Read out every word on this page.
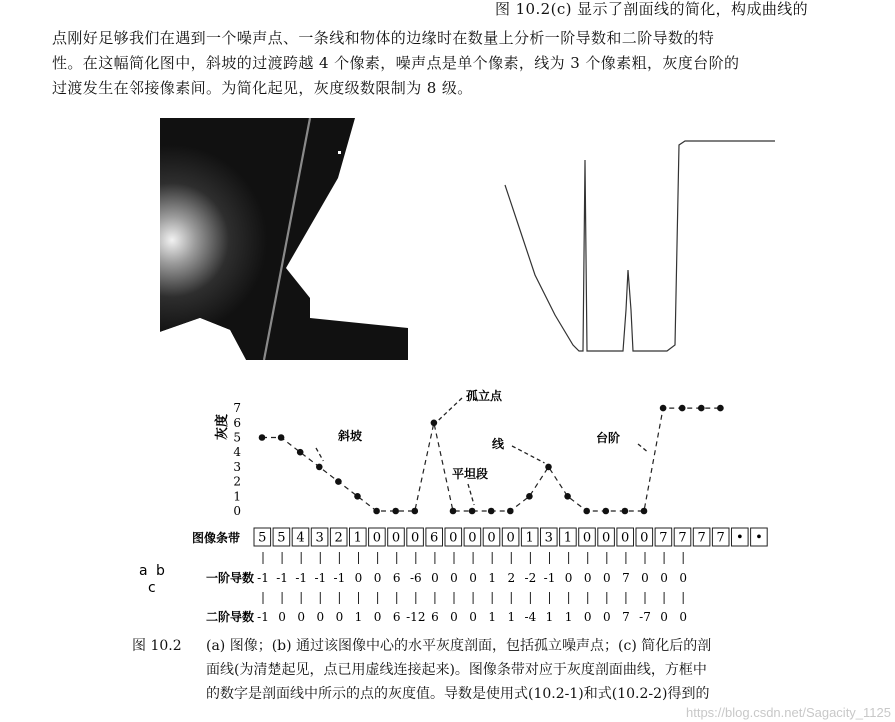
图 10.2(c) 显示了剖面线的简化，构成曲线的
点刚好足够我们在遇到一个噪声点、一条线和物体的边缘时在数量上分析一阶导数和二阶导数的特
性。在这幅简化图中，斜坡的过渡跨越 4 个像素，噪声点是单个像素，线为 3 个像素粗，灰度台阶的
过渡发生在邻接像素间。为简化起见，灰度级数限制为 8 级。
灰度
0
1
2
3
4
5
6
7
斜坡
孤立点
平坦段
线	台阶
a b
c
图像条带 5 5 4 3 2 1 0 0 0 6 0 0 0 0 1 3 1 0 0 0 0 7 7 7 7 • •
一阶导数 -1 -1 -1 -1 -1 0 0 6 -6 0 0 0 1 2 -2 -1 0 0 0 7 0 0 0
二阶导数 -1 0 0 0 0 1 0 6 -12 6 0 0 1 1 -4 1 1 0 0 7 -7 0 0
图 10.2 (a) 图像；(b) 通过该图像中心的水平灰度剖面，包括孤立噪声点；(c) 简化后的剖
面线(为清楚起见，点已用虚线连接起来)。图像条带对应于灰度剖面曲线，方框中
的数字是剖面线中所示的点的灰度值。导数是使用式(10.2-1)和式(10.2-2)得到的
https://blog.csdn.net/Sagacity_1125
